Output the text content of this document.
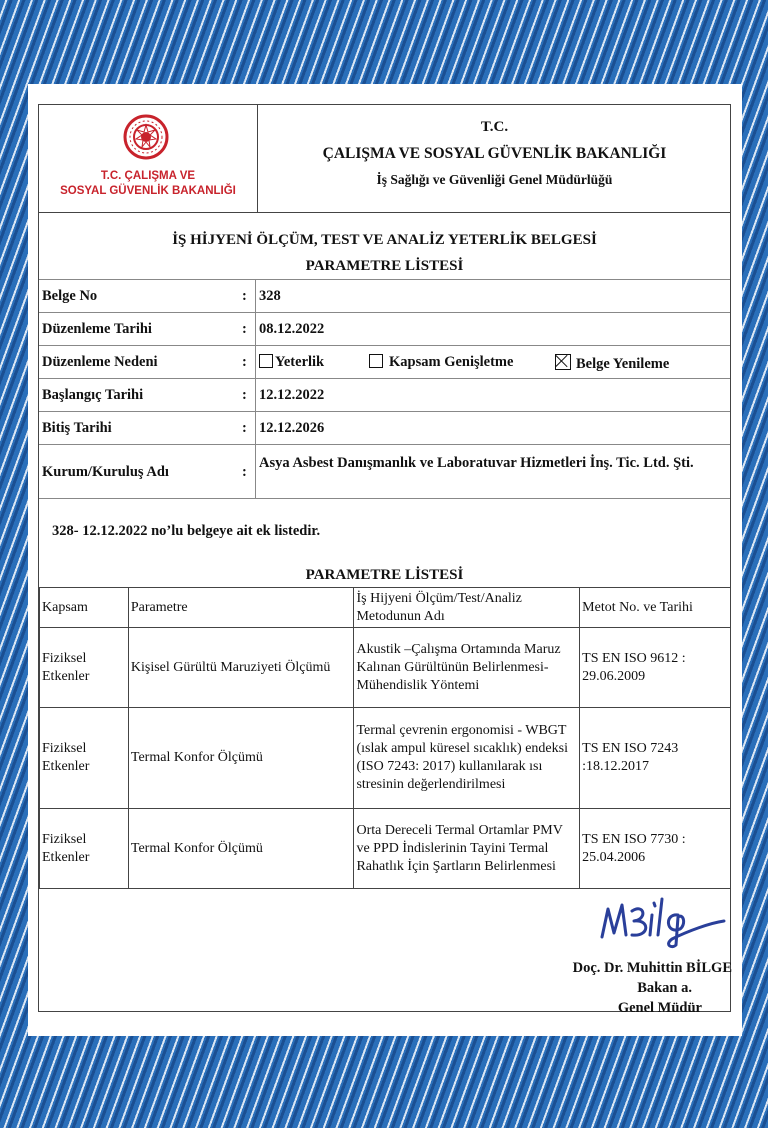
T.C. ÇALIŞMA VE
SOSYAL GÜVENLİK BAKANLIĞI
T.C.
ÇALIŞMA VE SOSYAL GÜVENLİK BAKANLIĞI
İş Sağlığı ve Güvenliği Genel Müdürlüğü
İŞ HİJYENİ ÖLÇÜM, TEST VE ANALİZ YETERLİK BELGESİ
PARAMETRE LİSTESİ
Belge No	: 328
Düzenleme Tarihi	: 08.12.2022
Düzenleme Nedeni	:	Yeterlik	Kapsam Genişletme	Belge Yenileme
Başlangıç Tarihi	: 12.12.2022
Bitiş Tarihi	: 12.12.2026
Kurum/Kuruluş Adı	:
Asya Asbest Danışmanlık ve Laboratuvar Hizmetleri İnş. Tic. Ltd. Şti.
328- 12.12.2022 no’lu belgeye ait ek listedir.
PARAMETRE LİSTESİ
Kapsam	Parametre	İş Hijyeni Ölçüm/Test/Analiz Metodunun Adı	Metot No. ve Tarihi
Fiziksel Etkenler	Kişisel Gürültü Maruziyeti Ölçümü	Akustik –Çalışma Ortamında Maruz Kalınan Gürültünün Belirlenmesi- Mühendislik Yöntemi	TS EN ISO 9612 : 29.06.2009
Fiziksel Etkenler	Termal Konfor Ölçümü	Termal çevrenin ergonomisi - WBGT (ıslak ampul küresel sıcaklık) endeksi (ISO 7243: 2017) kullanılarak ısı stresinin değerlendirilmesi	TS EN ISO 7243 :18.12.2017
Fiziksel Etkenler	Termal Konfor Ölçümü	Orta Dereceli Termal Ortamlar PMV ve PPD İndislerinin Tayini Termal Rahatlık İçin Şartların Belirlenmesi	TS EN ISO 7730 : 25.04.2006
Doç. Dr. Muhittin BİLGE
Bakan a.
Genel Müdür
